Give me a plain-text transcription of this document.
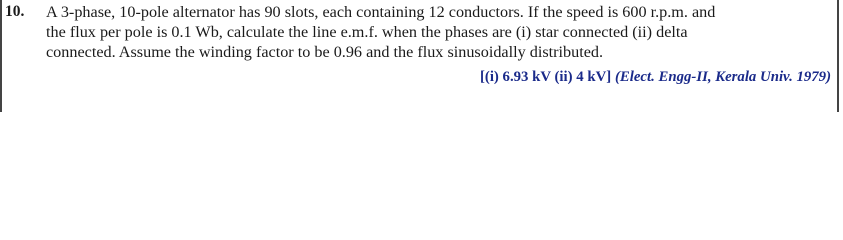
10. A 3-phase, 10-pole alternator has 90 slots, each containing 12 conductors. If the speed is 600 r.p.m. and
the flux per pole is 0.1 Wb, calculate the line e.m.f. when the phases are (i) star connected (ii) delta
connected. Assume the winding factor to be 0.96 and the flux sinusoidally distributed.
[(i) 6.93 kV (ii) 4 kV] (Elect. Engg-II, Kerala Univ. 1979)
